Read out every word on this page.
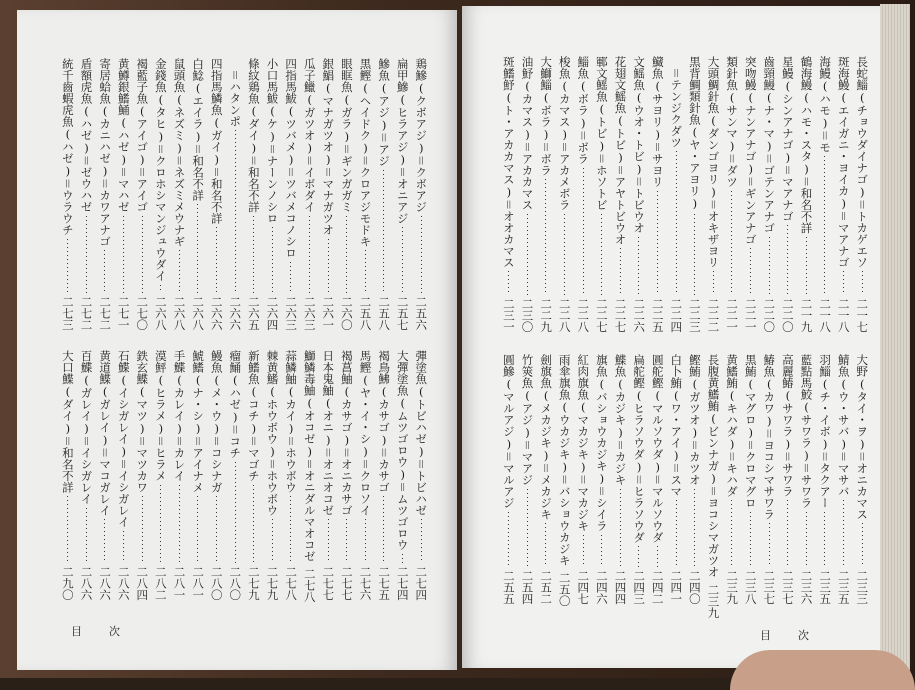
鶏鰺(クボアジ)＝クボアジ
二五六
扁甲鰺(ヒラアジ)＝オニアジ
二五七
鰺魚(アジ)＝アジ
二五八
黒鰹(ヘイドク)＝クロアジモドキ
二五八
眼眶魚(ガラ)＝ギンガガミ
二六〇
銀鯧(マナガツオ)＝マナガツオ
二六一
瓜子鱲(ガツオ)＝イボダイ
二六三
四指馬鮁(ツバメ)＝ツバメコノシロ
二六三
小口馬鮁(ケ)＝ナーンノシロ
二六四
條紋鶏魚(ダイ)＝和名不詳
二六五
　＝ハタンポ
二六六
四指馬鱗魚(ガイ)＝和名不詳
二六六
白鯰(エイラ)＝和名不詳
二六八
鼠頭魚(ネズミ)＝ネズミメウナギ
二六八
金錢魚(タヒ)＝クロホシマンジュウダイ
二六八
褐藍子魚(アイゴ)＝アイゴ
二七〇
黄鱒銀鰭鯒(ハゼ)＝マハゼ
二七一
寄居蛤魚(カニハゼ)＝カワアナゴ
二七二
盾額虎魚(ハゼ)＝ゼウハゼ
二七二
統千齒蝦虎魚(ハゼ)＝ウラウチ
二七三
彈塗魚(トビハゼ)＝トビハゼ
二七四
大彈塗魚(ムツゴロウ)＝ムツゴロウ
二七四
褐鳥鮄(カサゴ)＝カサゴ
二七五
馬鰹(ヤ・イ・シ)＝クロソイ
二七六
褐菖鮋(カサゴ)＝オニカサゴ
二七七
日本鬼鮋(オニ)＝オニオコゼ
二七七
鰤鱗毒鮋(オコゼ)＝オニダルマオコゼ
二七八
蒜鱗鮋(カイ)＝ホウボウ
二七八
棘黄鰭(ホウボウ)＝ホウボウ
二七九
新鰭魚(コチ)＝マゴチ
二七九
瘤鯒(ハゼ)＝コチ
二八〇
鰻魚(メ・ウ)＝コシナガ
二八〇
鯱鰭(ナ・シ)＝アイナメ
二八一
手鰈(カレイ)＝カレイ
二八一
漠鮃(ヒラメ)＝ヒラメ
二八二
鉄玄鰈(マツ)＝マツカワ
二八四
石鰈(イシガレイ)＝イシガレイ
二八六
黄道鰈(ガレイ)＝マコガレイ
二八六
百鰈(ガレイ)＝イシガレイ
二八六
大口鰈(ダイ)＝和名不詳
二九〇
目　次
長蛇鯔(チョウダイナゴ)＝トカゲエソ
二一七
斑海鰻(エイガニ・ヨイカ)＝マアナゴ
二一八
海鰻(ハモ)＝モ
二一八
鶴海鰻(ハモ・スタ)＝和名不詳
二一九
星鰻(シンアナゴ)＝マアナゴ
二二〇
齒頸鰻(ナ・マ)＝ゴテンアナゴ
二二〇
突吻鰻(ナンアナゴ)＝ギンアナゴ
二二一
類針魚(サンマ)＝ダツ
二二一
大頭鯛針魚(ダンゴヨリ)＝オキザヨリ
二二二
黒背鯛類針魚(ヤ・アヨリ)
二二三
　＝テンジクダツ
二二四
鱵魚(サヨリ)＝サヨリ
二二五
文鰩魚(ウオ・トビ)＝トビウオ
二二六
花翅文鰩魚(トビ)＝アヤトビウオ
二二七
鄆文鰩魚(トビ)＝ホソトビ
二二七
鯔魚(ボラ)＝ボラ
二二八
梭魚(カマス)＝アカメボラ
二二八
大鰤鯔(ボラ)＝ボラ
二二九
油魣(カマス)＝アカカマス
二三〇
斑鰭魣(ト・アカカマス)＝オオカマス
二三一
大野(タイ・ヲ)＝オニカマス
二三三
鯖魚(ウ・サバ)＝マサバ
二三五
羽鯔(チ・イボ)＝タクアー
二三五
藍點馬鮫(サワラ)＝サワラ
二三六
高麗鰆(サワラ)＝サワラ
二三七
鰆魚(カワ)＝ヨコシマサワラ
二三七
黒鮪(マグロ)＝クロマグロ
二三八
黄鰭鮪(キハダ)＝キハダ
二三九
長腹黄鰭鮪(ビンナガ)＝ヨコシマガツオ
二三九
鰹鮪(ガツオ)＝カツオ
二四〇
白卜鮪(ワ・アイ)＝スマ
二四一
圓舵鰹(マルソウダ)＝マルソウダ
二四二
扁舵鰹(ヒラソウダ)＝ヒラソウダ
二四三
鰈魚(カジキ)＝カジキ
二四四
旗魚(バショウカジキ)＝シイラ
二四六
紅肉旗魚(マカジキ)＝マカジキ
二四七
雨傘旗魚(ウカジキ)＝バショウカジキ
二五〇
劍旗魚(メカジキ)＝メカジキ
二五二
竹筴魚(アジ)＝マアジ
二五四
圓鰺(マルアジ)＝マルアジ
二五五
目　次
